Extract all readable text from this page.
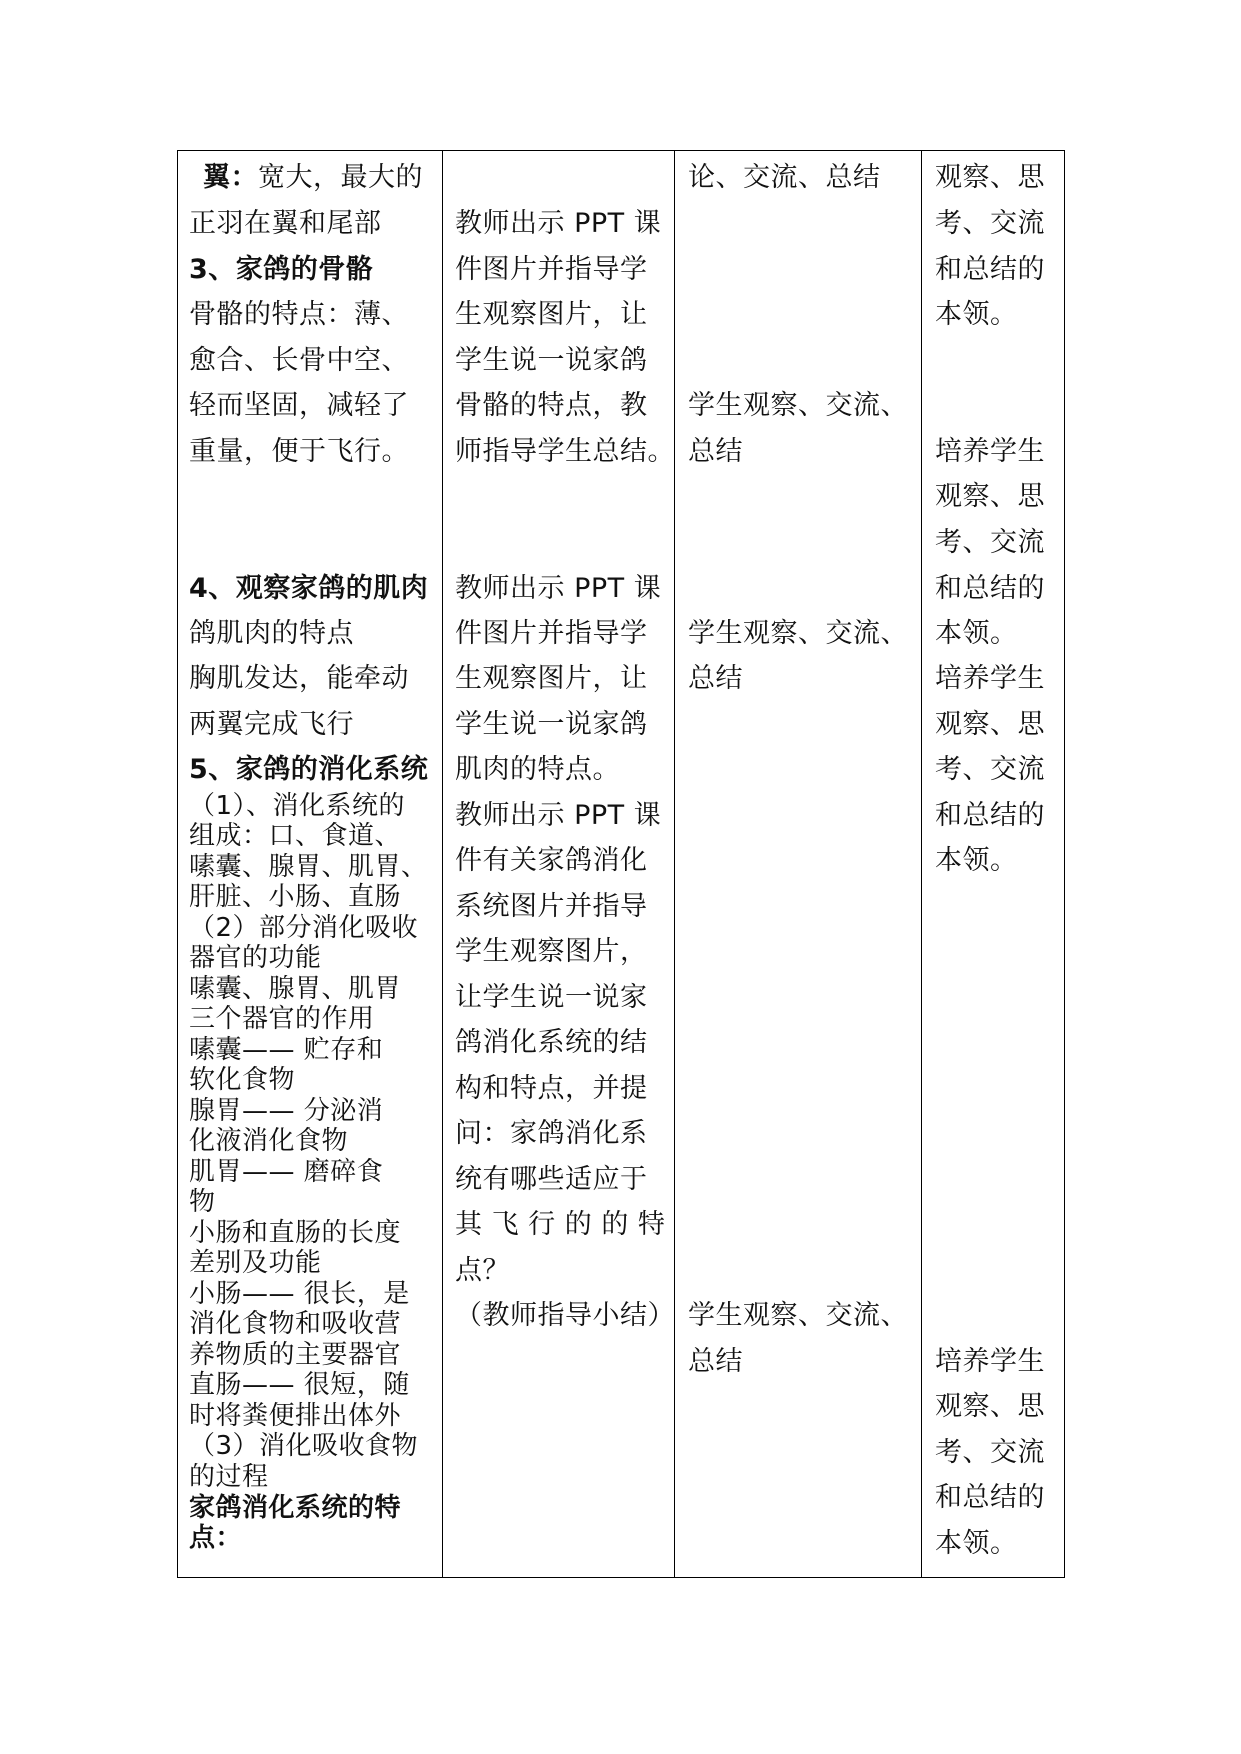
翼： 宽大，最大的
正羽在翼和尾部
3、家鸽的骨骼
骨骼的特点：薄、
愈合、长骨中空、
轻而坚固，减轻了
重量，便于飞行。
4、观察家鸽的肌肉
鸽肌肉的特点
胸肌发达，能牵动
两翼完成飞行
5、家鸽的消化系统
（1）、消化系统的
组成：口、食道、
嗉囊、腺胃、肌胃、
肝脏、小肠、直肠
（2）部分消化吸收
器官的功能
嗉囊、腺胃、肌胃
三个器官的作用
嗉囊—— 贮存和
软化食物
腺胃—— 分泌消
化液消化食物
肌胃—— 磨碎食
物
小肠和直肠的长度
差别及功能
小肠—— 很长，是
消化食物和吸收营
养物质的主要器官
直肠—— 很短，随
时将粪便排出体外
（3）消化吸收食物
的过程
家鸽消化系统的特
点：
教师出示 PPT 课
件图片并指导学
生观察图片，让
学生说一说家鸽
骨骼的特点，教
师指导学生总结。
教师出示 PPT 课
件图片并指导学
生观察图片，让
学生说一说家鸽
肌肉的特点。
教师出示 PPT 课
件有关家鸽消化
系统图片并指导
学生观察图片，
让学生说一说家
鸽消化系统的结
构和特点，并提
问：家鸽消化系
统有哪些适应于
其 飞 行 的 的 特
点？
（教师指导小结）
论、交流、总结
学生观察、交流、
总结
学生观察、交流、
总结
学生观察、交流、
总结
观察、思
考、交流
和总结的
本领。
培养学生
观察、思
考、交流
和总结的
本领。
培养学生
观察、思
考、交流
和总结的
本领。
培养学生
观察、思
考、交流
和总结的
本领。
